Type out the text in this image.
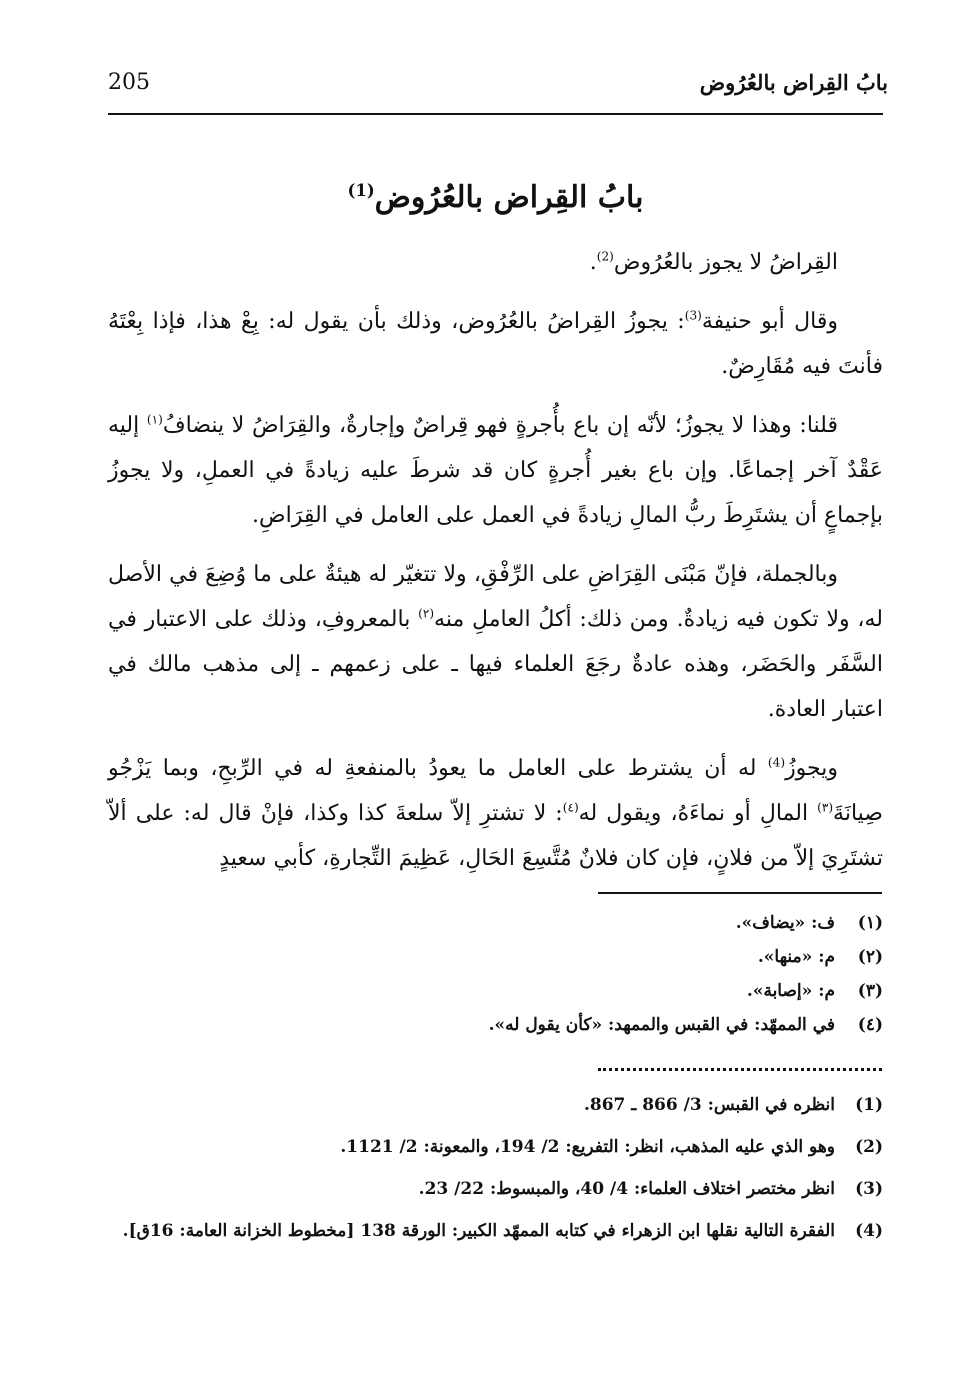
205	بابُ القِراض بالعُرُوض
بابُ القِراض بالعُرُوض$^{(1)}$

القِراضُ لا يجوز بالعُرُوض$^{(2)}$.

وقال أبو حنيفة$^{(3)}$: يجوزُ القِراضُ بالعُرُوض، وذلك بأن يقول له: بِعْ هذا، فإذا بِعْتَهُ فأنتَ فيه مُقَارِضٌ.

قلنا: وهذا لا يجوزُ؛ لأنّه إن باع بأُجرةٍ فهو قِراضٌ وإجارةٌ، والقِرَاضُ لا ينضافُ$^{(١)}$ إليه عَقْدٌ آخر إجماعًا. وإن باع بغير أُجرةٍ كان قد شرطَ عليه زيادةً في العملِ، ولا يجوزُ بإجماعٍ أن يشتَرِطَ ربُّ المالِ زيادةً في العمل على العامل في القِرَاضِ.

وبالجملة، فإنّ مَبْنَى القِرَاضِ على الرِّفْقِ، ولا تتغيّر له هيئةٌ على ما وُضِعَ في الأصل له، ولا تكون فيه زيادةٌ. ومن ذلك: أكلُ العاملِ منه$^{(٢)}$ بالمعروفِ، وذلك على الاعتبار في السَّفَر والحَضَر، وهذه عادةٌ رجَعَ العلماء فيها ـ على زعمهم ـ إلى مذهب مالك في اعتبار العادة.

ويجوزُ$^{(4)}$ له أن يشترط على العامل ما يعودُ بالمنفعةِ له في الرِّبحِ، وبما يَزْجُو صِيانَةَ$^{(٣)}$ المالِ أو نماءَهُ، ويقول له$^{(٤)}$: لا تشترِ إلاّ سلعةَ كذا وكذا، فإنْ قال له: على ألاّ تشتَرِيَ إلاّ من فلانٍ، فإن كان فلانٌ مُتَّسِعَ الحَالِ، عَظِيمَ التِّجارةِ، كأبي سعيدٍ

(١)
ف: «يضاف».
(٢)
م: «منها».
(٣)
م: «إصابة».
(٤)
في الممهّد: في القبس والممهد: «كأن يقول له».
(1)
انظره في القبس: 3/ 866 ـ 867.
(2)
وهو الذي عليه المذهب، انظر: التفريع: 2/ 194، والمعونة: 2/ 1121.
(3)
انظر مختصر اختلاف العلماء: 4/ 40، والمبسوط: 22/ 23.
(4)
الفقرة التالية نقلها ابن الزهراء في كتابه الممهّد الكبير: الورقة 138 [مخطوط الخزانة العامة: 16ق].
